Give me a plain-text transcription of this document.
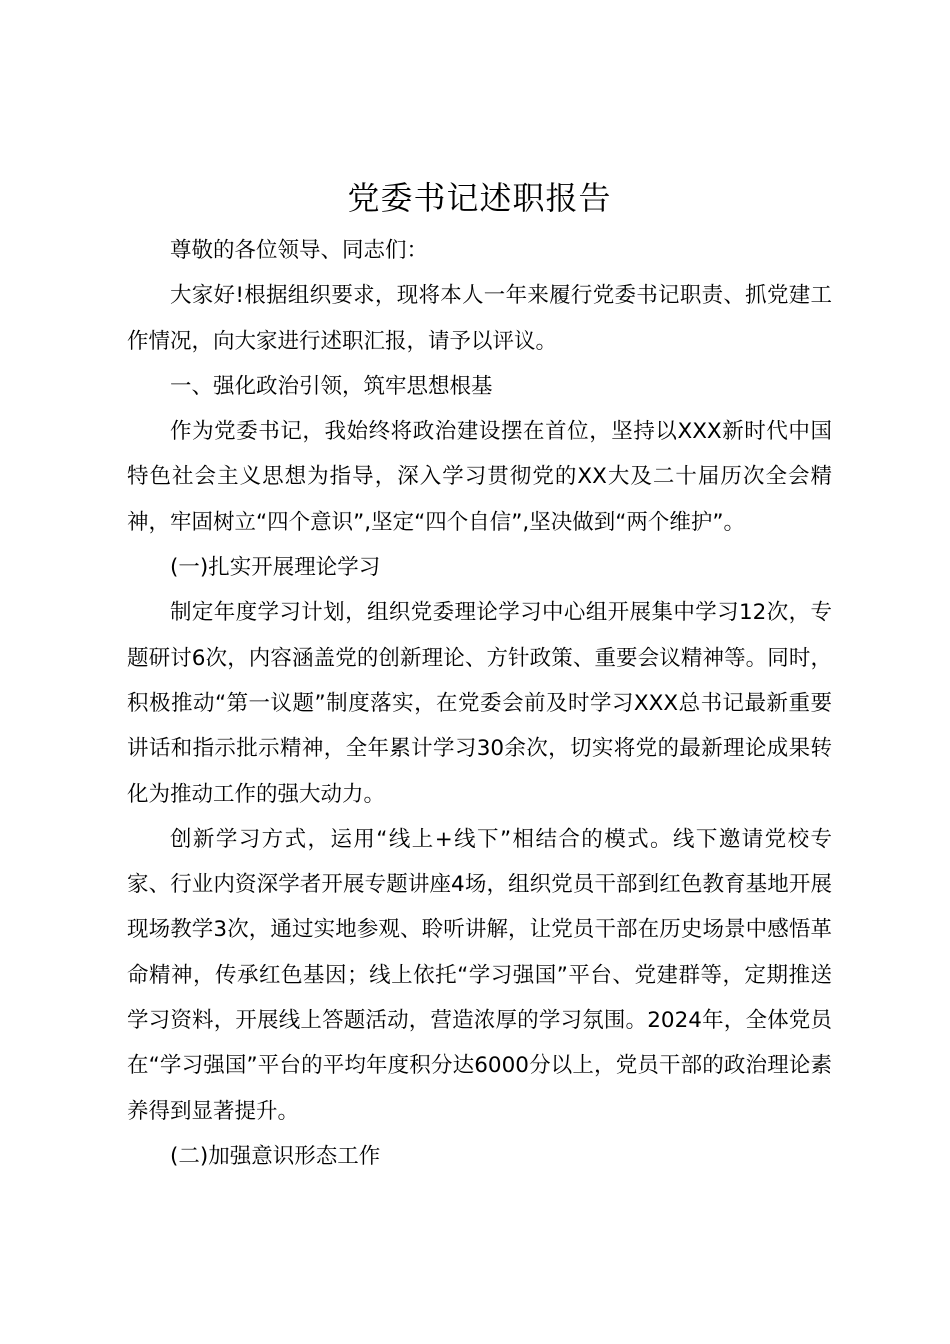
党委书记述职报告

尊敬的各位领导、同志们：

大家好!根据组织要求，现将本人一年来履行党委书记职责、抓党建工作情况，向大家进行述职汇报，请予以评议。

一、强化政治引领，筑牢思想根基

作为党委书记，我始终将政治建设摆在首位，坚持以XXX新时代中国特色社会主义思想为指导，深入学习贯彻党的XX大及二十届历次全会精神，牢固树立“四个意识”,坚定“四个自信”,坚决做到“两个维护”。

(一)扎实开展理论学习

制定年度学习计划，组织党委理论学习中心组开展集中学习12次，专题研讨6次，内容涵盖党的创新理论、方针政策、重要会议精神等。同时，积极推动“第一议题”制度落实，在党委会前及时学习XXX总书记最新重要讲话和指示批示精神，全年累计学习30余次，切实将党的最新理论成果转化为推动工作的强大动力。

创新学习方式，运用“线上+线下”相结合的模式。线下邀请党校专家、行业内资深学者开展专题讲座4场，组织党员干部到红色教育基地开展现场教学3次，通过实地参观、聆听讲解，让党员干部在历史场景中感悟革命精神，传承红色基因；线上依托“学习强国”平台、党建群等，定期推送学习资料，开展线上答题活动，营造浓厚的学习氛围。2024年，全体党员在“学习强国”平台的平均年度积分达6000分以上，党员干部的政治理论素养得到显著提升。

(二)加强意识形态工作
